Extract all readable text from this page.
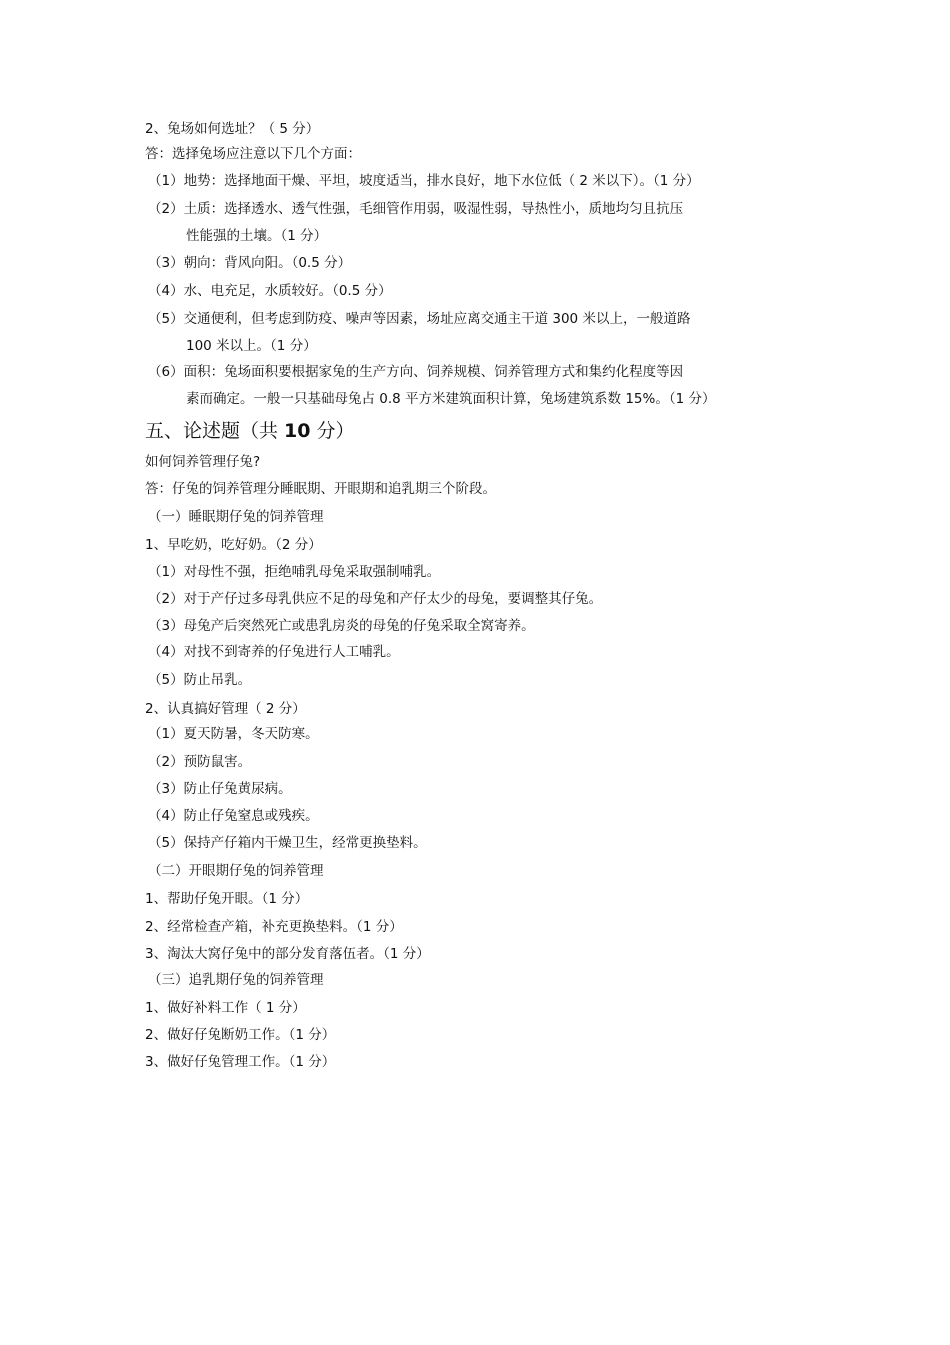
2、兔场如何选址？（ 5 分）
答：选择兔场应注意以下几个方面：
（1）地势：选择地面干燥、平坦，坡度适当，排水良好，地下水位低（ 2 米以下）。（1 分）
（2）土质：选择透水、透气性强，毛细管作用弱，吸湿性弱，导热性小，质地均匀且抗压
性能强的土壤。（1 分）
（3）朝向：背风向阳。（0.5 分）
（4）水、电充足，水质较好。（0.5 分）
（5）交通便利，但考虑到防疫、噪声等因素，场址应离交通主干道 300 米以上，一般道路
100 米以上。（1 分）
（6）面积：兔场面积要根据家兔的生产方向、饲养规模、饲养管理方式和集约化程度等因
素而确定。一般一只基础母兔占 0.8 平方米建筑面积计算，兔场建筑系数 15%。（1 分）
五、论述题（共 10 分）
如何饲养管理仔兔?
答：仔兔的饲养管理分睡眠期、开眼期和追乳期三个阶段。
（一）睡眠期仔兔的饲养管理
1、早吃奶，吃好奶。（2 分）
（1）对母性不强，拒绝哺乳母兔采取强制哺乳。
（2）对于产仔过多母乳供应不足的母兔和产仔太少的母兔，要调整其仔兔。
（3）母兔产后突然死亡或患乳房炎的母兔的仔兔采取全窝寄养。
（4）对找不到寄养的仔兔进行人工哺乳。
（5）防止吊乳。
2、认真搞好管理（ 2 分）
（1）夏天防暑，冬天防寒。
（2）预防鼠害。
（3）防止仔兔黄尿病。
（4）防止仔兔窒息或残疾。
（5）保持产仔箱内干燥卫生，经常更换垫料。
（二）开眼期仔兔的饲养管理
1、帮助仔兔开眼。（1 分）
2、经常检查产箱，补充更换垫料。（1 分）
3、淘汰大窝仔兔中的部分发育落伍者。（1 分）
（三）追乳期仔兔的饲养管理
1、做好补料工作（ 1 分）
2、做好仔兔断奶工作。（1 分）
3、做好仔兔管理工作。（1 分）
